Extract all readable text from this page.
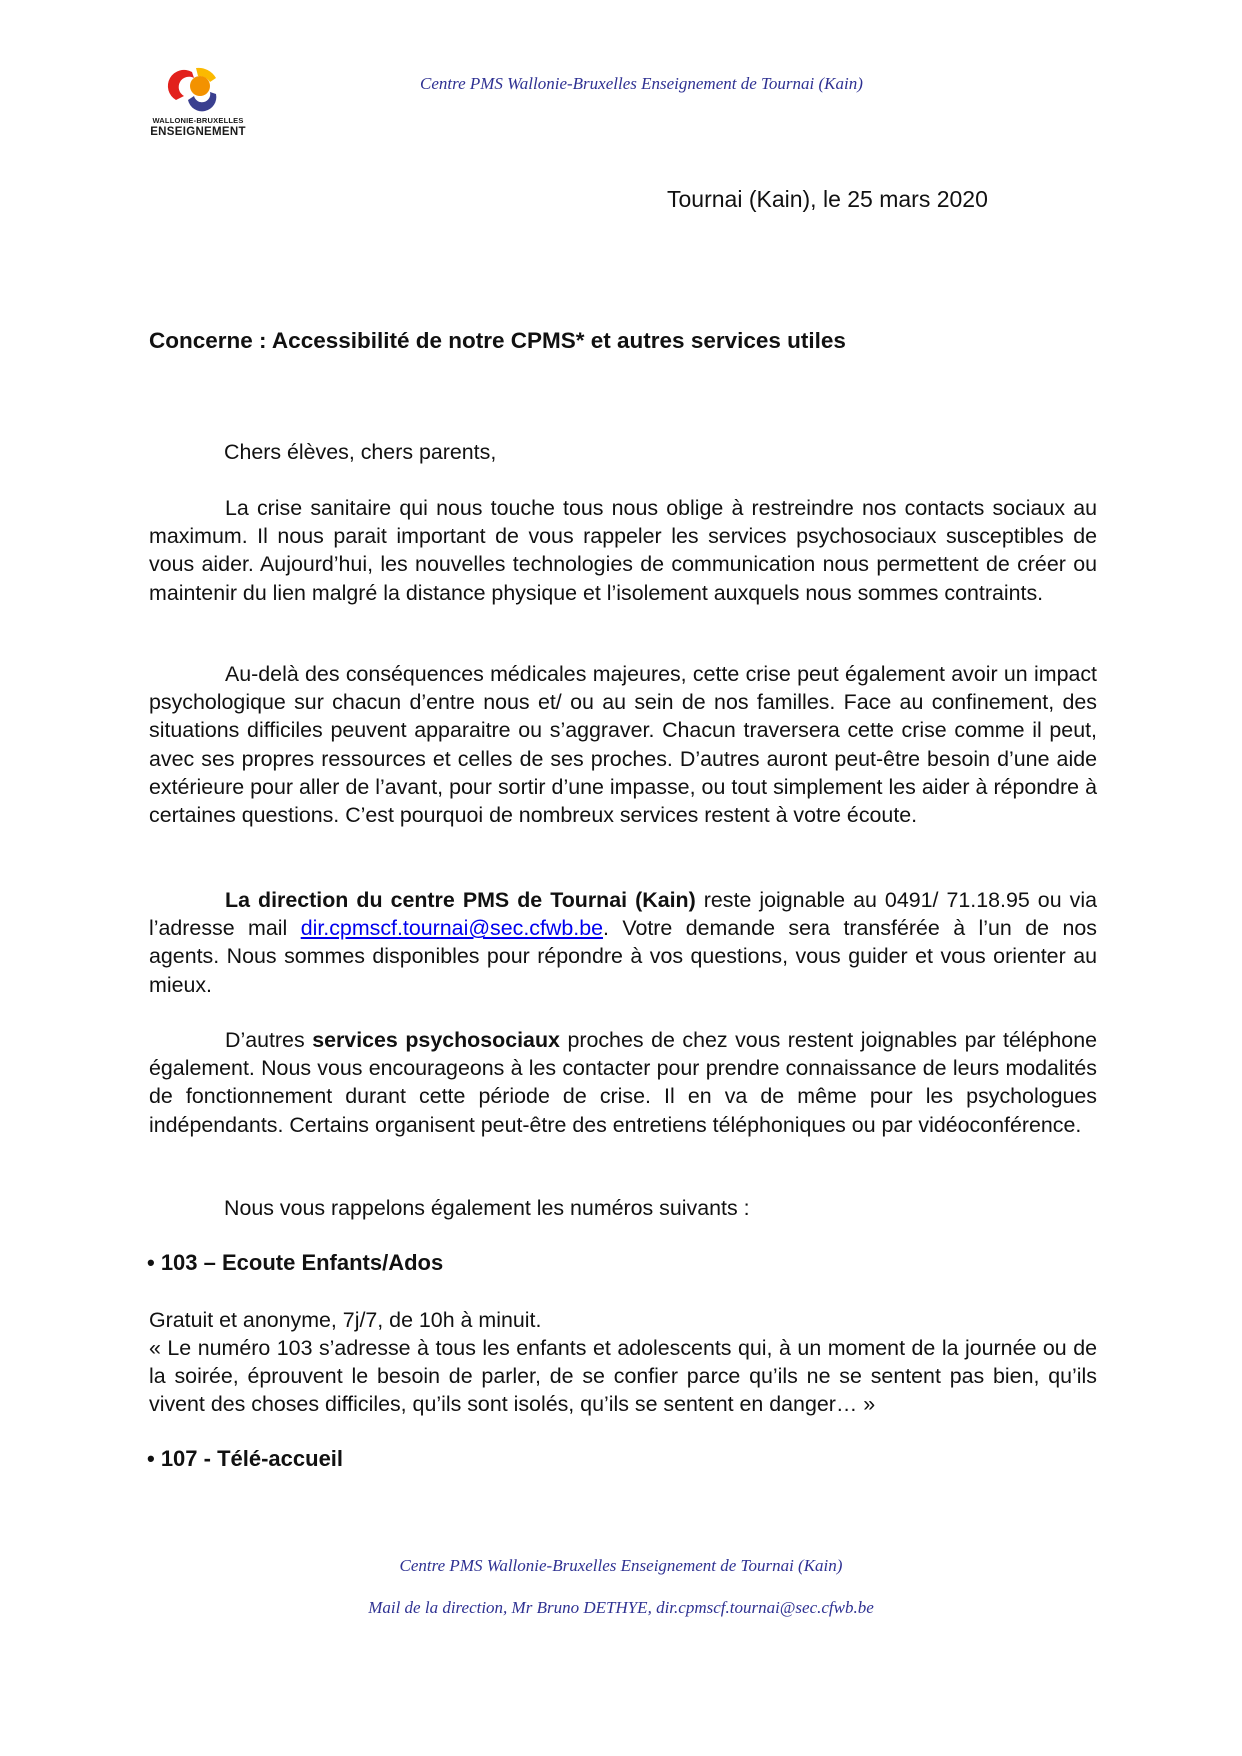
WALLONIE-BRUXELLES
ENSEIGNEMENT
Centre PMS Wallonie-Bruxelles Enseignement de Tournai (Kain)
Tournai (Kain), le 25 mars 2020
Concerne : Accessibilité de notre CPMS* et autres services utiles
Chers élèves, chers parents,
La crise sanitaire qui nous touche tous nous oblige à restreindre nos contacts sociaux au maximum. Il nous parait important de vous rappeler les services psychosociaux susceptibles de vous aider. Aujourd’hui, les nouvelles technologies de communication nous permettent de créer ou maintenir du lien malgré la distance physique et l’isolement auxquels nous sommes contraints.
Au-delà des conséquences médicales majeures, cette crise peut également avoir un impact psychologique sur chacun d’entre nous et/ ou au sein de nos familles. Face au confinement, des situations difficiles peuvent apparaitre ou s’aggraver. Chacun traversera cette crise comme il peut, avec ses propres ressources et celles de ses proches. D’autres auront peut-être besoin d’une aide extérieure pour aller de l’avant, pour sortir d’une impasse, ou tout simplement les aider à répondre à certaines questions. C’est pourquoi de nombreux services restent à votre écoute.
La direction du centre PMS de Tournai (Kain) reste joignable au 0491/ 71.18.95 ou via l’adresse mail dir.cpmscf.tournai@sec.cfwb.be. Votre demande sera transférée à l’un de nos agents. Nous sommes disponibles pour répondre à vos questions, vous guider et vous orienter au mieux.
D’autres services psychosociaux proches de chez vous restent joignables par téléphone également. Nous vous encourageons à les contacter pour prendre connaissance de leurs modalités de fonctionnement durant cette période de crise. Il en va de même pour les psychologues indépendants. Certains organisent peut-être des entretiens téléphoniques ou par vidéoconférence.
Nous vous rappelons également les numéros suivants :
• 103 – Ecoute Enfants/Ados
Gratuit et anonyme, 7j/7, de 10h à minuit.
« Le numéro 103 s’adresse à tous les enfants et adolescents qui, à un moment de la journée ou de la soirée, éprouvent le besoin de parler, de se confier parce qu’ils ne se sentent pas bien, qu’ils vivent des choses difficiles, qu’ils sont isolés, qu’ils se sentent en danger… »
• 107 - Télé-accueil
Centre PMS Wallonie-Bruxelles Enseignement de Tournai (Kain)
Mail de la direction, Mr Bruno DETHYE, dir.cpmscf.tournai@sec.cfwb.be
